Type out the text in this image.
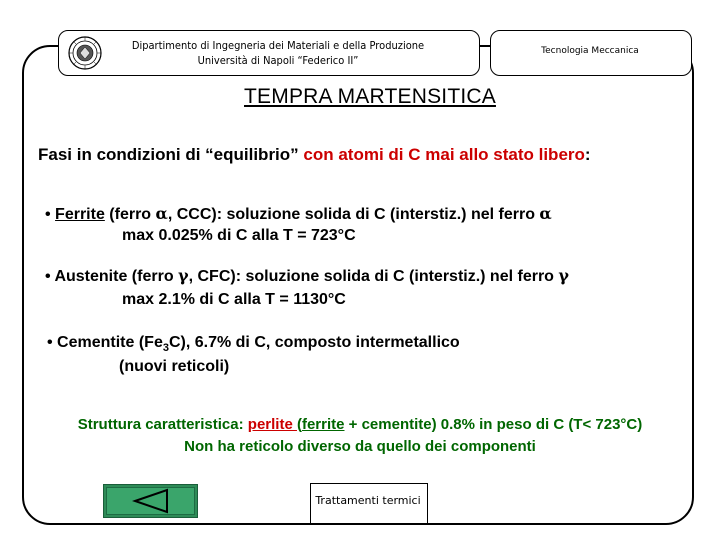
Dipartimento di Ingegneria dei Materiali e della Produzione
Università di Napoli “Federico II”
Tecnologia Meccanica
TEMPRA MARTENSITICA
Fasi in condizioni di “equilibrio” con atomi di C mai allo stato libero:
• Ferrite (ferro α, CCC): soluzione solida di C (interstiz.) nel ferro α
max 0.025% di C alla T = 723°C
• Austenite (ferro γ, CFC): soluzione solida di C (interstiz.) nel ferro γ
max 2.1% di C alla T = 1130°C
• Cementite $(Fe_3C)$, 6.7% di C, composto intermetallico
(nuovi reticoli)
Struttura caratteristica: perlite (ferrite + cementite) 0.8% in peso di C (T< 723°C)
Non ha reticolo diverso da quello dei componenti
Trattamenti termici
